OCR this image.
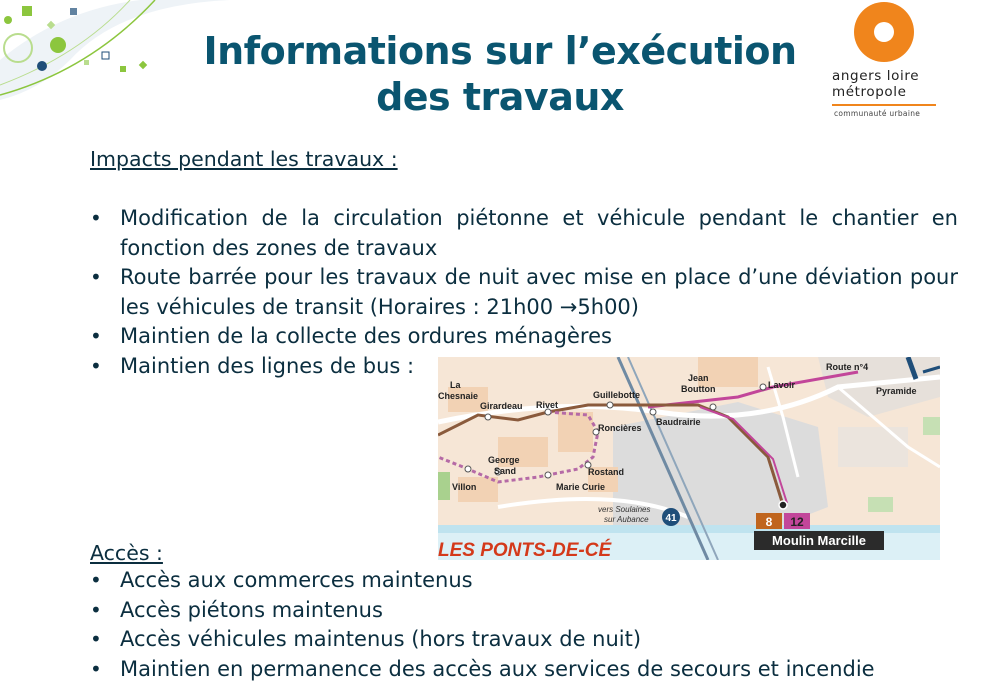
Informations sur l’exécution
des travaux	angers loire
métropole
communauté urbaine
Impacts pendant les travaux :
• Modification de la circulation piétonne et véhicule pendant le chantier en fonction des zones de travaux
• Route barrée pour les travaux de nuit avec mise en place d’une déviation pour les véhicules de transit (Horaires : 21h00 →5h00)
• Maintien de la collecte des ordures ménagères
• Maintien des lignes de bus :
La
Chesnaie
Girardeau Rivet
Guillebotte
Jean
Boutton	Lavoir
Route n°4
Pyramide
Baudrairie
Roncières
George
Sand	Rostand
Villon	Marie Curie
vers Soulaines
sur Aubance 41	8 12
Moulin Marcille
LES PONTS-DE-CÉ
Accès :
• Accès aux commerces maintenus
• Accès piétons maintenus
• Accès véhicules maintenus (hors travaux de nuit)
• Maintien en permanence des accès aux services de secours et incendie
